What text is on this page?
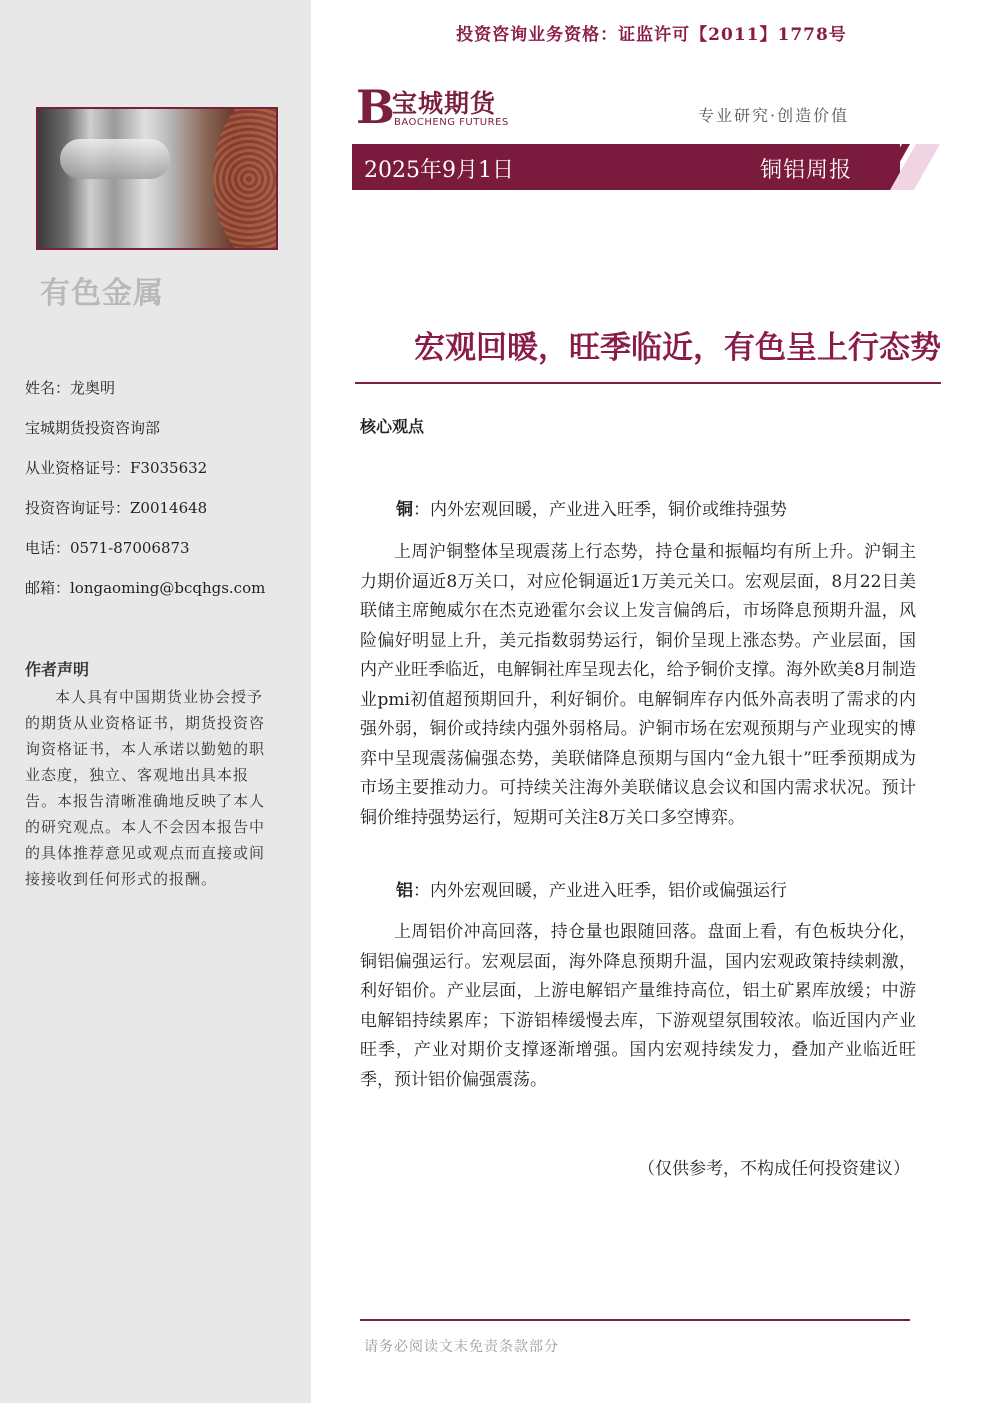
有色金属
姓名：龙奥明
宝城期货投资咨询部
从业资格证号：F3035632
投资咨询证号：Z0014648
电话：0571-87006873
邮箱：longaoming@bcqhgs.com
作者声明
本人具有中国期货业协会授予的期货从业资格证书，期货投资咨询资格证书，本人承诺以勤勉的职业态度，独立、客观地出具本报告。本报告清晰准确地反映了本人的研究观点。本人不会因本报告中的具体推荐意见或观点而直接或间接接收到任何形式的报酬。
投资咨询业务资格：证监许可【2011】1778号
B
宝城期货
BAOCHENG FUTURES	专业研究·创造价值
2025年9月1日	铜铝周报
宏观回暖，旺季临近，有色呈上行态势
核心观点
铜：内外宏观回暖，产业进入旺季，铜价或维持强势
上周沪铜整体呈现震荡上行态势，持仓量和振幅均有所上升。沪铜主力期价逼近8万关口，对应伦铜逼近1万美元关口。宏观层面，8月22日美联储主席鲍威尔在杰克逊霍尔会议上发言偏鸽后，市场降息预期升温，风险偏好明显上升，美元指数弱势运行，铜价呈现上涨态势。产业层面，国内产业旺季临近，电解铜社库呈现去化，给予铜价支撑。海外欧美8月制造业pmi初值超预期回升，利好铜价。电解铜库存内低外高表明了需求的内强外弱，铜价或持续内强外弱格局。沪铜市场在宏观预期与产业现实的博弈中呈现震荡偏强态势，美联储降息预期与国内“金九银十”旺季预期成为市场主要推动力。可持续关注海外美联储议息会议和国内需求状况。预计铜价维持强势运行，短期可关注8万关口多空博弈。
铝：内外宏观回暖，产业进入旺季，铝价或偏强运行
上周铝价冲高回落，持仓量也跟随回落。盘面上看，有色板块分化，铜铝偏强运行。宏观层面，海外降息预期升温，国内宏观政策持续刺激，利好铝价。产业层面，上游电解铝产量维持高位，铝土矿累库放缓；中游电解铝持续累库；下游铝棒缓慢去库，下游观望氛围较浓。临近国内产业旺季，产业对期价支撑逐渐增强。国内宏观持续发力，叠加产业临近旺季，预计铝价偏强震荡。
（仅供参考，不构成任何投资建议）
请务必阅读文末免责条款部分
